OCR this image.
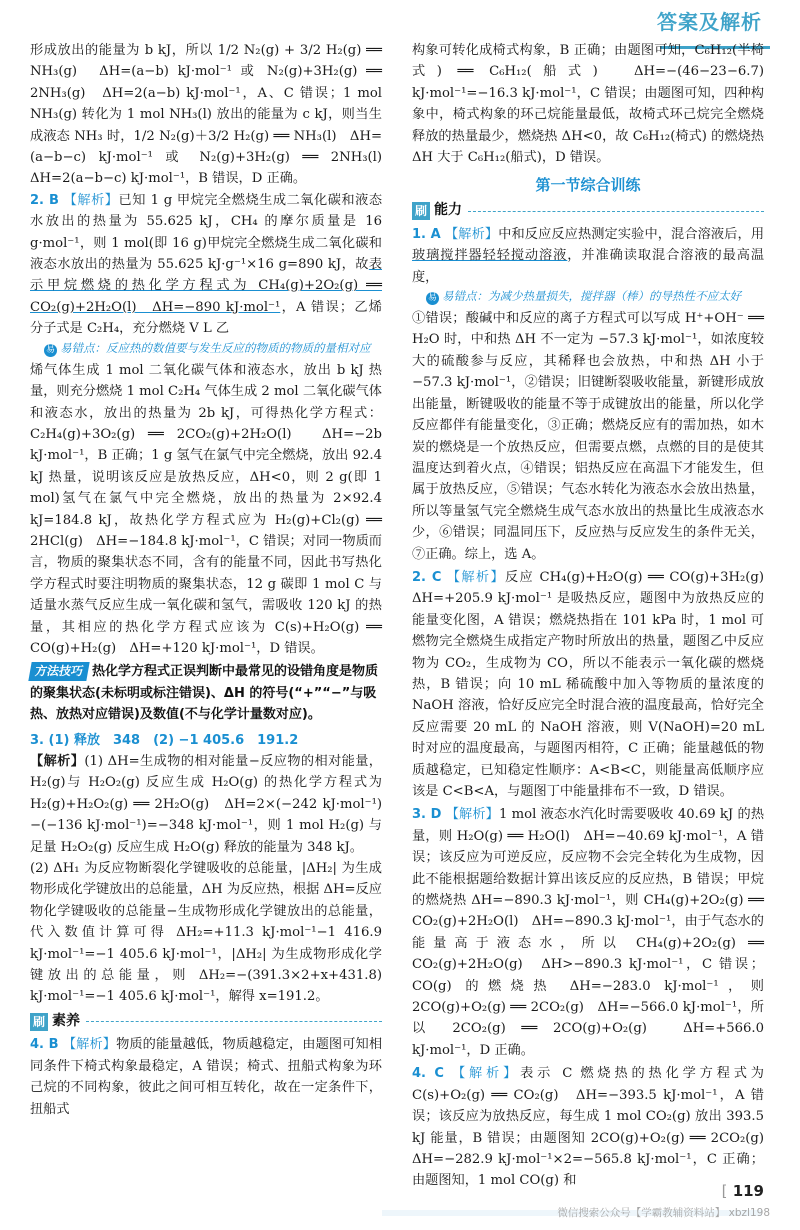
答案及解析

形成放出的能量为 b kJ，所以 1/2 N₂(g) + 3/2 H₂(g) ══ NH₃(g)　ΔH=(a−b) kJ·mol⁻¹ 或 N₂(g)+3H₂(g) ══ 2NH₃(g)　ΔH=2(a−b) kJ·mol⁻¹，A、C 错误；1 mol NH₃(g) 转化为 1 mol NH₃(l) 放出的能量为 c kJ，则当生成液态 NH₃ 时，1/2 N₂(g)＋3/2 H₂(g) ══ NH₃(l)　ΔH=(a−b−c) kJ·mol⁻¹ 或 N₂(g)+3H₂(g) ══ 2NH₃(l)　ΔH=2(a−b−c) kJ·mol⁻¹，B 错误，D 正确。

2. B 【解析】已知 1 g 甲烷完全燃烧生成二氧化碳和液态水放出的热量为 55.625 kJ，CH₄ 的摩尔质量是 16 g·mol⁻¹，则 1 mol(即 16 g)甲烷完全燃烧生成二氧化碳和液态水放出的热量为 55.625 kJ·g⁻¹×16 g=890 kJ，故表示甲烷燃烧的热化学方程式为 CH₄(g)+2O₂(g) ══ CO₂(g)+2H₂O(l)　ΔH=−890 kJ·mol⁻¹，A 错误；乙烯分子式是 C₂H₄，充分燃烧 V L 乙

易 易错点：反应热的数值要与发生反应的物质的物质的量相对应

烯气体生成 1 mol 二氧化碳气体和液态水，放出 b kJ 热量，则充分燃烧 1 mol C₂H₄ 气体生成 2 mol 二氧化碳气体和液态水，放出的热量为 2b kJ，可得热化学方程式：C₂H₄(g)+3O₂(g) ══ 2CO₂(g)+2H₂O(l)　ΔH=−2b kJ·mol⁻¹，B 正确；1 g 氢气在氯气中完全燃烧，放出 92.4 kJ 热量，说明该反应是放热反应，ΔH<0，则 2 g(即 1 mol)氢气在氯气中完全燃烧，放出的热量为 2×92.4 kJ=184.8 kJ，故热化学方程式应为 H₂(g)+Cl₂(g) ══ 2HCl(g)　ΔH=−184.8 kJ·mol⁻¹，C 错误；对同一物质而言，物质的聚集状态不同，含有的能量不同，因此书写热化学方程式时要注明物质的聚集状态，12 g 碳即 1 mol C 与适量水蒸气反应生成一氧化碳和氢气，需吸收 120 kJ 的热量，其相应的热化学方程式应该为 C(s)+H₂O(g) ══ CO(g)+H₂(g)　ΔH=+120 kJ·mol⁻¹，D 错误。

方法技巧 热化学方程式正误判断中最常见的设错角度是物质的聚集状态(未标明或标注错误)、ΔH 的符号(“+”“−”与吸热、放热对应错误)及数值(不与化学计量数对应)。

3. (1) 释放　348　(2) −1 405.6　191.2

【解析】(1) ΔH=生成物的相对能量−反应物的相对能量，H₂(g)与 H₂O₂(g) 反应生成 H₂O(g) 的热化学方程式为 H₂(g)+H₂O₂(g) ══ 2H₂O(g)　ΔH=2×(−242 kJ·mol⁻¹)−(−136 kJ·mol⁻¹)=−348 kJ·mol⁻¹，则 1 mol H₂(g) 与足量 H₂O₂(g) 反应生成 H₂O(g) 释放的能量为 348 kJ。

(2) ΔH₁ 为反应物断裂化学键吸收的总能量，|ΔH₂| 为生成物形成化学键放出的总能量，ΔH 为反应热，根据 ΔH=反应物化学键吸收的总能量−生成物形成化学键放出的总能量，代入数值计算可得 ΔH₂=+11.3 kJ·mol⁻¹−1 416.9 kJ·mol⁻¹=−1 405.6 kJ·mol⁻¹，|ΔH₂| 为生成物形成化学键放出的总能量，则 ΔH₂=−(391.3×2+x+431.8) kJ·mol⁻¹=−1 405.6 kJ·mol⁻¹，解得 x=191.2。

刷 素养

4. B 【解析】物质的能量越低，物质越稳定，由题图可知相同条件下椅式构象最稳定，A 错误；椅式、扭船式构象为环己烷的不同构象，彼此之间可相互转化，故在一定条件下，扭船式

构象可转化成椅式构象，B 正确；由题图可知，C₆H₁₂(半椅式) ══ C₆H₁₂(船式)　ΔH=−(46−23−6.7) kJ·mol⁻¹=−16.3 kJ·mol⁻¹，C 错误；由题图可知，四种构象中，椅式构象的环己烷能量最低，故椅式环己烷完全燃烧释放的热量最少，燃烧热 ΔH<0，故 C₆H₁₂(椅式) 的燃烧热 ΔH 大于 C₆H₁₂(船式)，D 错误。

第一节综合训练
刷 能力

1. A 【解析】中和反应反应热测定实验中，混合溶液后，用玻璃搅拌器轻轻搅动溶液，并准确读取混合溶液的最高温度，

易 易错点：为减少热量损失，搅拌器（棒）的导热性不应太好

①错误；酸碱中和反应的离子方程式可以写成 H⁺+OH⁻ ══ H₂O 时，中和热 ΔH 不一定为 −57.3 kJ·mol⁻¹，如浓度较大的硫酸参与反应，其稀释也会放热，中和热 ΔH 小于 −57.3 kJ·mol⁻¹，②错误；旧键断裂吸收能量，新键形成放出能量，断键吸收的能量不等于成键放出的能量，所以化学反应都伴有能量变化，③正确；燃烧反应有的需加热，如木炭的燃烧是一个放热反应，但需要点燃，点燃的目的是使其温度达到着火点，④错误；铝热反应在高温下才能发生，但属于放热反应，⑤错误；气态水转化为液态水会放出热量，所以等量氢气完全燃烧生成气态水放出的热量比生成液态水少，⑥错误；同温同压下，反应热与反应发生的条件无关，⑦正确。综上，选 A。

2. C 【解析】反应 CH₄(g)+H₂O(g) ══ CO(g)+3H₂(g)　ΔH=+205.9 kJ·mol⁻¹ 是吸热反应，题图中为放热反应的能量变化图，A 错误；燃烧热指在 101 kPa 时，1 mol 可燃物完全燃烧生成指定产物时所放出的热量，题图乙中反应物为 CO₂，生成物为 CO，所以不能表示一氧化碳的燃烧热，B 错误；向 10 mL 稀硫酸中加入等物质的量浓度的 NaOH 溶液，恰好反应完全时混合液的温度最高，恰好完全反应需要 20 mL 的 NaOH 溶液，则 V(NaOH)=20 mL 时对应的温度最高，与题图丙相符，C 正确；能量越低的物质越稳定，已知稳定性顺序：A<B<C，则能量高低顺序应该是 C<B<A，与题图丁中能量排布不一致，D 错误。

3. D 【解析】1 mol 液态水汽化时需要吸收 40.69 kJ 的热量，则 H₂O(g) ══ H₂O(l)　ΔH=−40.69 kJ·mol⁻¹，A 错误；该反应为可逆反应，反应物不会完全转化为生成物，因此不能根据题给数据计算出该反应的反应热，B 错误；甲烷的燃烧热 ΔH=−890.3 kJ·mol⁻¹，则 CH₄(g)+2O₂(g) ══ CO₂(g)+2H₂O(l)　ΔH=−890.3 kJ·mol⁻¹，由于气态水的能量高于液态水，所以 CH₄(g)+2O₂(g) ══ CO₂(g)+2H₂O(g)　ΔH>−890.3 kJ·mol⁻¹，C 错误；CO(g) 的燃烧热 ΔH=−283.0 kJ·mol⁻¹，则 2CO(g)+O₂(g) ══ 2CO₂(g)　ΔH=−566.0 kJ·mol⁻¹，所以 2CO₂(g) ══ 2CO(g)+O₂(g)　ΔH=+566.0 kJ·mol⁻¹，D 正确。

4. C 【解析】表示 C 燃烧热的热化学方程式为 C(s)+O₂(g) ══ CO₂(g)　ΔH=−393.5 kJ·mol⁻¹，A 错误；该反应为放热反应，每生成 1 mol CO₂(g) 放出 393.5 kJ 能量，B 错误；由题图知 2CO(g)+O₂(g) ══ 2CO₂(g)　ΔH=−282.9 kJ·mol⁻¹×2=−565.8 kJ·mol⁻¹，C 正确；由题图知，1 mol CO(g) 和

[ 119
微信搜索公众号【学霸教辅资料站】 xbzl198
